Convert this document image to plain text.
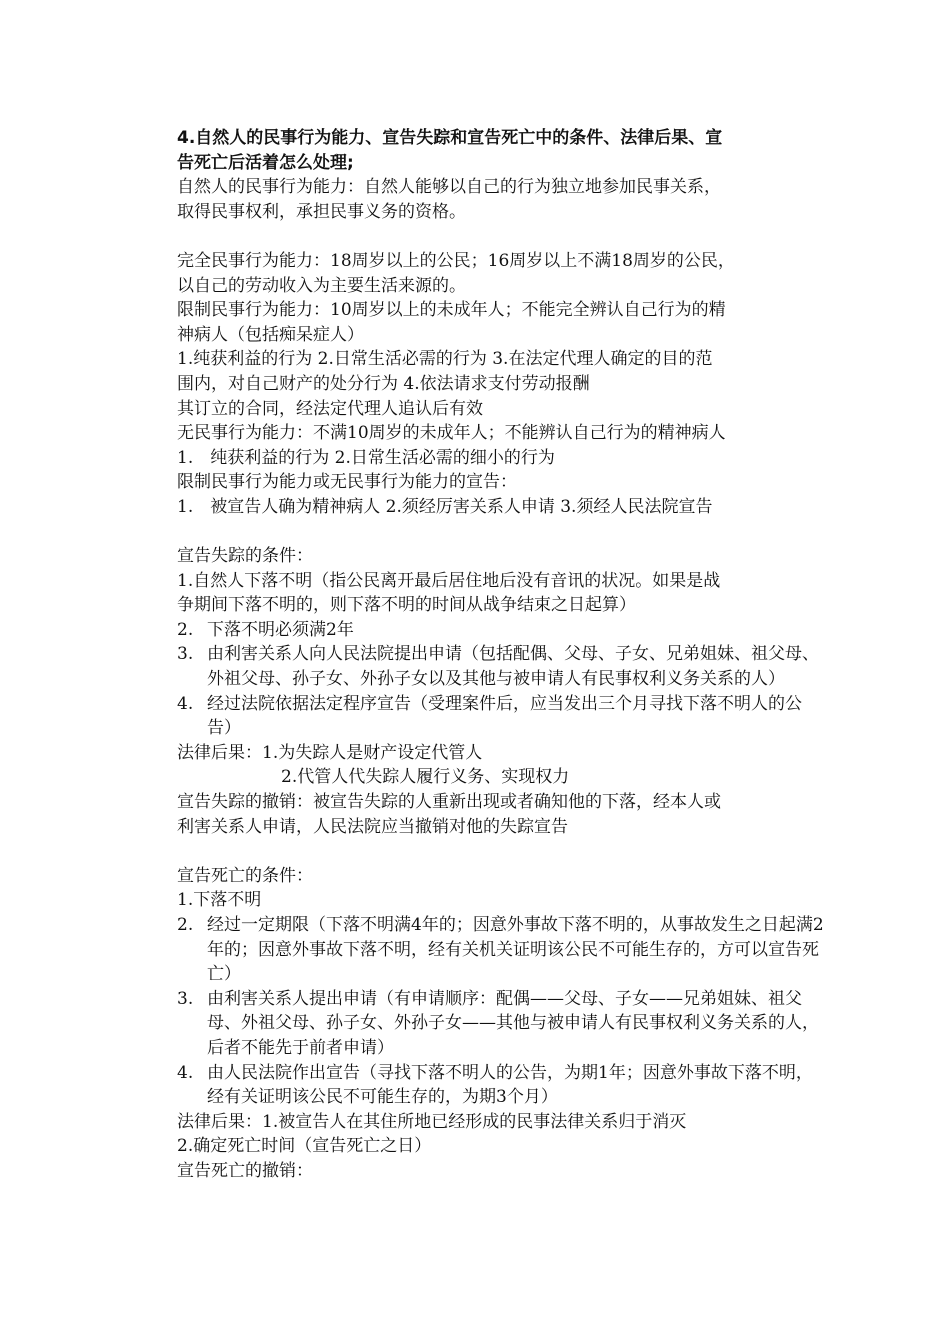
4.自然人的民事行为能力、宣告失踪和宣告死亡中的条件、法律后果、宣
告死亡后活着怎么处理;
自然人的民事行为能力：自然人能够以自己的行为独立地参加民事关系，
取得民事权利，承担民事义务的资格。
完全民事行为能力：18周岁以上的公民；16周岁以上不满18周岁的公民，
以自己的劳动收入为主要生活来源的。
限制民事行为能力：10周岁以上的未成年人；不能完全辨认自己行为的精
神病人（包括痴呆症人）
1.纯获利益的行为 2.日常生活必需的行为 3.在法定代理人确定的目的范
围内，对自己财产的处分行为 4.依法请求支付劳动报酬
其订立的合同，经法定代理人追认后有效
无民事行为能力：不满10周岁的未成年人；不能辨认自己行为的精神病人
1.　纯获利益的行为 2.日常生活必需的细小的行为
限制民事行为能力或无民事行为能力的宣告：
1.　被宣告人确为精神病人 2.须经厉害关系人申请 3.须经人民法院宣告
宣告失踪的条件：
1.自然人下落不明（指公民离开最后居住地后没有音讯的状况。如果是战
争期间下落不明的，则下落不明的时间从战争结束之日起算）
2. 下落不明必须满2年
3. 由利害关系人向人民法院提出申请（包括配偶、父母、子女、兄弟姐妹、祖父母、外祖父母、孙子女、外孙子女以及其他与被申请人有民事权利义务关系的人）
4. 经过法院依据法定程序宣告（受理案件后，应当发出三个月寻找下落不明人的公告）
法律后果：1.为失踪人是财产设定代管人
2.代管人代失踪人履行义务、实现权力
宣告失踪的撤销：被宣告失踪的人重新出现或者确知他的下落，经本人或
利害关系人申请，人民法院应当撤销对他的失踪宣告
宣告死亡的条件：
1.下落不明
2. 经过一定期限（下落不明满4年的；因意外事故下落不明的，从事故发生之日起满2年的；因意外事故下落不明，经有关机关证明该公民不可能生存的，方可以宣告死亡）
3. 由利害关系人提出申请（有申请顺序：配偶——父母、子女——兄弟姐妹、祖父母、外祖父母、孙子女、外孙子女——其他与被申请人有民事权利义务关系的人，后者不能先于前者申请）
4. 由人民法院作出宣告（寻找下落不明人的公告，为期1年；因意外事故下落不明，经有关证明该公民不可能生存的，为期3个月）
法律后果：1.被宣告人在其住所地已经形成的民事法律关系归于消灭
2.确定死亡时间（宣告死亡之日）
宣告死亡的撤销：
